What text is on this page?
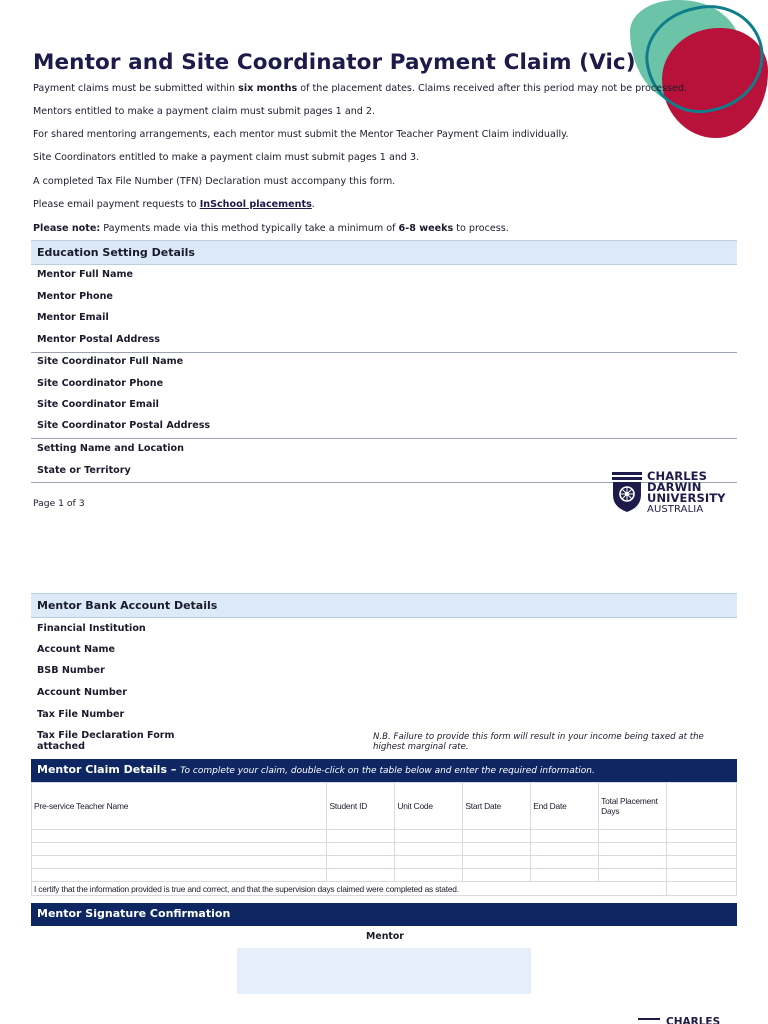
Mentor and Site Coordinator Payment Claim (Vic)

Payment claims must be submitted within six months of the placement dates. Claims received after this period may not be processed.

Mentors entitled to make a payment claim must submit pages 1 and 2.

For shared mentoring arrangements, each mentor must submit the Mentor Teacher Payment Claim individually.

Site Coordinators entitled to make a payment claim must submit pages 1 and 3.

A completed Tax File Number (TFN) Declaration must accompany this form.

Please email payment requests to InSchool placements.

Please note: Payments made via this method typically take a minimum of 6-8 weeks to process.

Education Setting Details
Mentor Full Name
Mentor Phone
Mentor Email
Mentor Postal Address
Site Coordinator Full Name
Site Coordinator Phone
Site Coordinator Email
Site Coordinator Postal Address
Setting Name and Location
State or Territory
Page 1 of 3
CHARLES
DARWIN
UNIVERSITY
AUSTRALIA
Mentor Bank Account Details
Financial Institution
Account Name
BSB Number
Account Number
Tax File Number
Tax File Declaration Form attached
N.B. Failure to provide this form will result in your income being taxed at the highest marginal rate.
Mentor Claim Details – To complete your claim, double-click on the table below and enter the required information.
Pre-service Teacher Name	Student ID	Unit Code	Start Date	End Date	Total Placement Days	

I certify that the information provided is true and correct, and that the supervision days claimed were completed as stated.						
Mentor Signature Confirmation
Mentor
CHARLES
